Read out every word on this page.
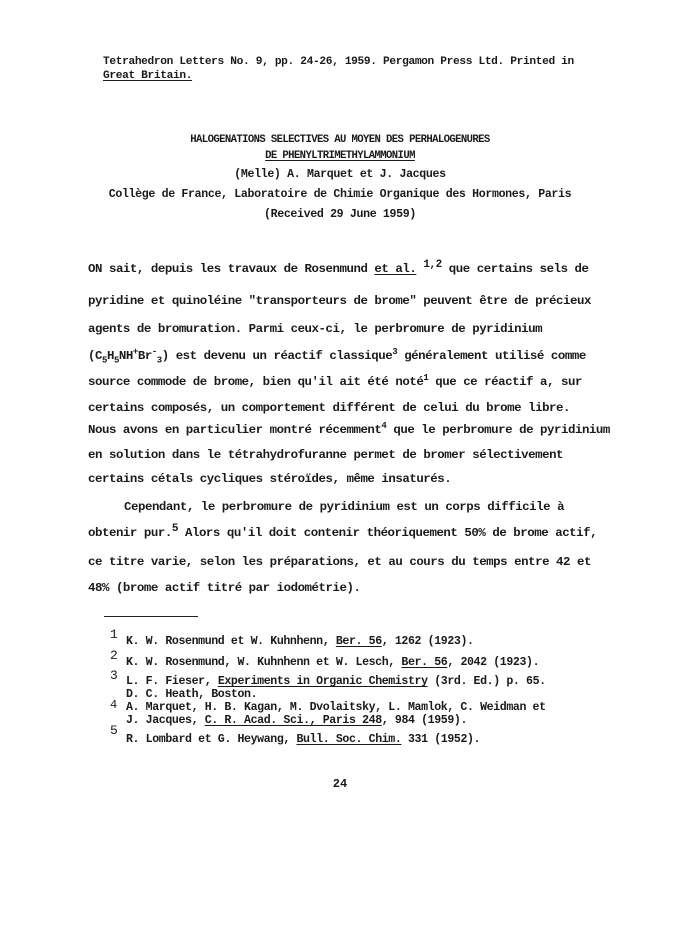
Tetrahedron Letters No. 9, pp. 24-26, 1959. Pergamon Press Ltd. Printed in
Great Britain.
HALOGENATIONS SELECTIVES AU MOYEN DES PERHALOGENURES
DE PHENYLTRIMETHYLAMMONIUM
(Melle) A. Marquet et J. Jacques
Collège de France, Laboratoire de Chimie Organique des Hormones, Paris
(Received 29 June 1959)
ON sait, depuis les travaux de Rosenmund et al. $^{1,2}$ que certains sels de
pyridine et quinoléine "transporteurs de brome" peuvent être de précieux
agents de bromuration. Parmi ceux-ci, le perbromure de pyridinium
$(C_5H_5NH^+Br^-_3)$ est devenu un réactif classique$^3$ généralement utilisé comme
source commode de brome, bien qu'il ait été noté$^1$ que ce réactif a, sur
certains composés, un comportement différent de celui du brome libre.
Nous avons en particulier montré récemment$^4$ que le perbromure de pyridinium
en solution dans le tétrahydrofuranne permet de bromer sélectivement
certains cétals cycliques stéroïdes, même insaturés.
Cependant, le perbromure de pyridinium est un corps difficile à
obtenir pur.$^5$ Alors qu'il doit contenir théoriquement 50% de brome actif,
ce titre varie, selon les préparations, et au cours du temps entre 42 et
48% (brome actif titré par iodométrie).
1 K. W. Rosenmund et W. Kuhnhenn, Ber. 56, 1262 (1923).
2 K. W. Rosenmund, W. Kuhnhenn et W. Lesch, Ber. 56, 2042 (1923).
3 L. F. Fieser, Experiments in Organic Chemistry (3rd. Ed.) p. 65.
D. C. Heath, Boston.
4 A. Marquet, H. B. Kagan, M. Dvolaitsky, L. Mamlok, C. Weidman et
J. Jacques, C. R. Acad. Sci., Paris 248, 984 (1959).
5
R. Lombard et G. Heywang, Bull. Soc. Chim. 331 (1952).
24
